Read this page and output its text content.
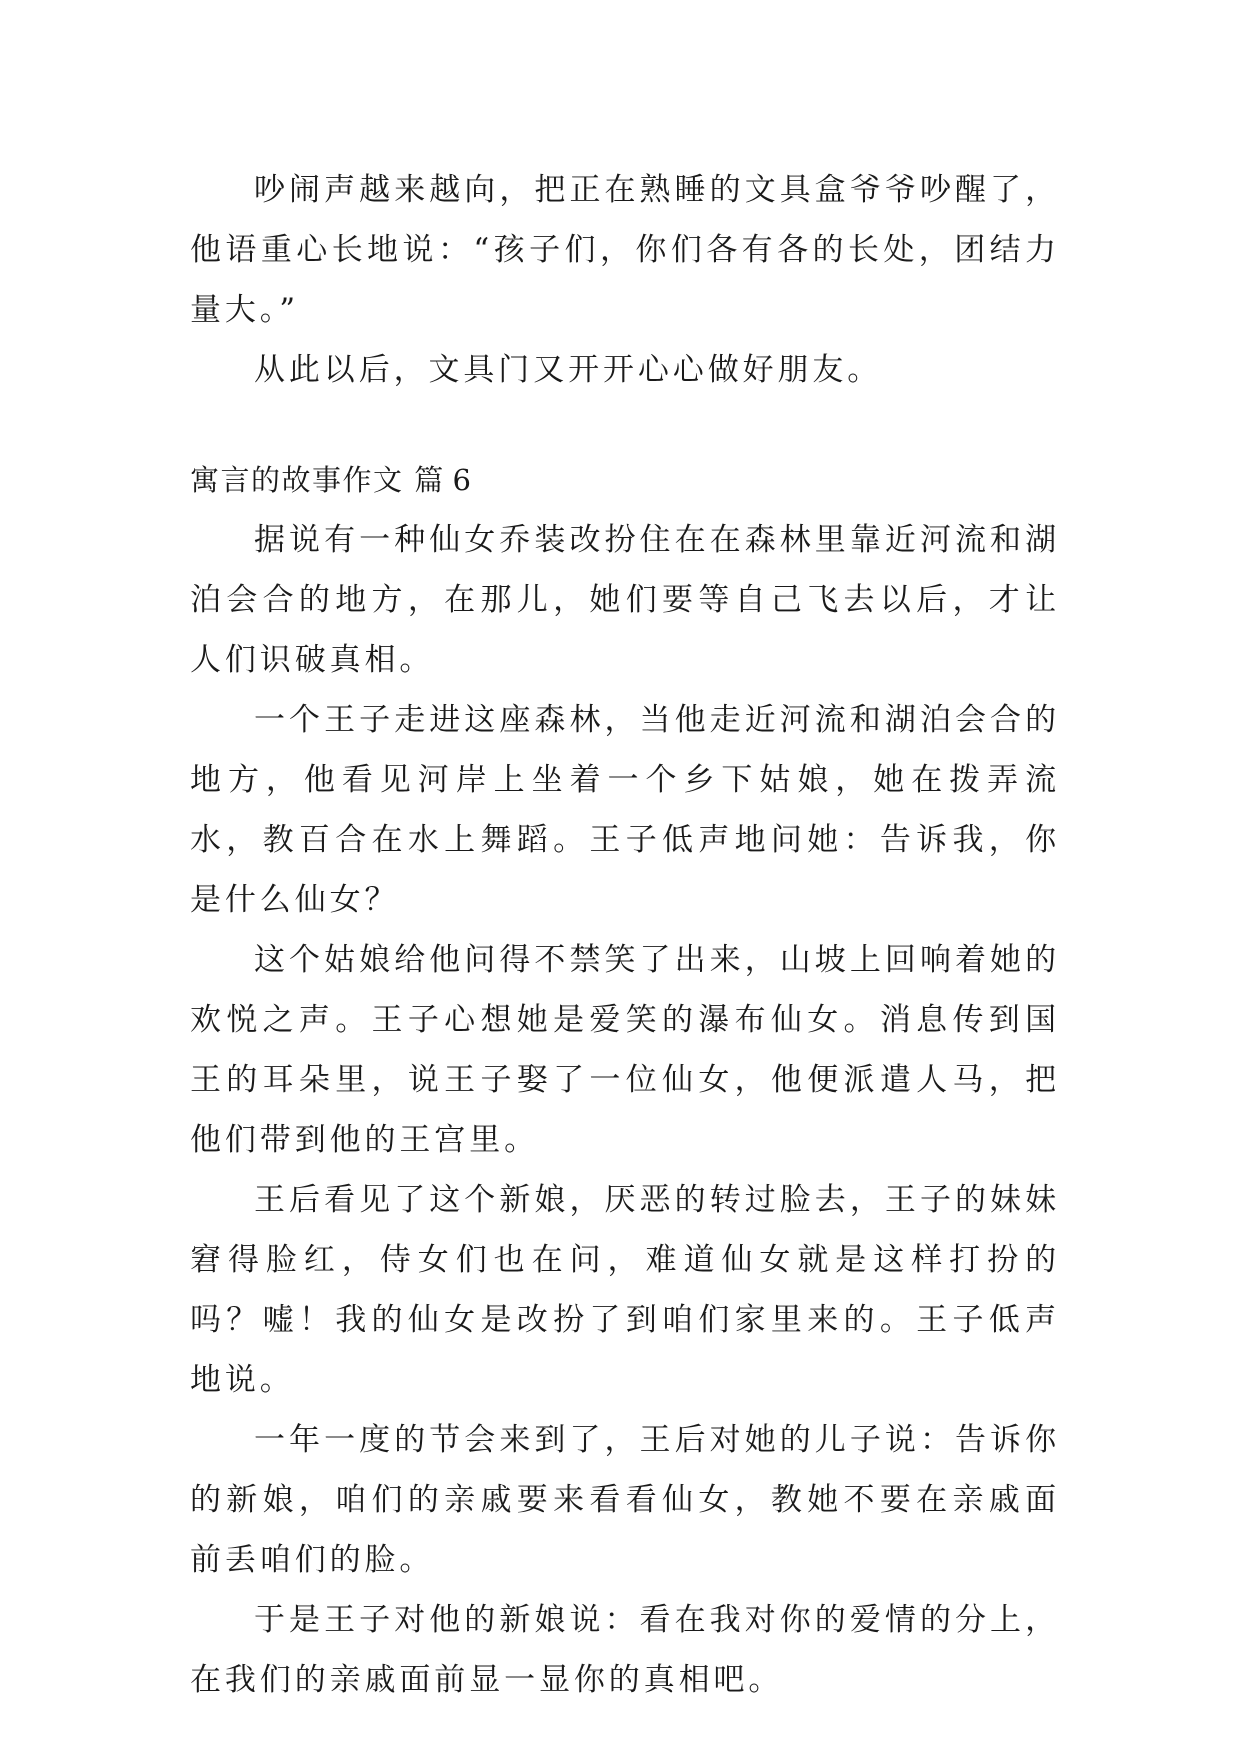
吵闹声越来越向，把正在熟睡的文具盒爷爷吵醒了，他语重心长地说：“孩子们，你们各有各的长处，团结力量大。”

从此以后，文具门又开开心心做好朋友。

寓言的故事作文 篇 6

据说有一种仙女乔装改扮住在在森林里靠近河流和湖泊会合的地方，在那儿，她们要等自己飞去以后，才让人们识破真相。

一个王子走进这座森林，当他走近河流和湖泊会合的地方，他看见河岸上坐着一个乡下姑娘，她在拨弄流水，教百合在水上舞蹈。王子低声地问她：告诉我，你是什么仙女？

这个姑娘给他问得不禁笑了出来，山坡上回响着她的欢悦之声。王子心想她是爱笑的瀑布仙女。消息传到国王的耳朵里，说王子娶了一位仙女，他便派遣人马，把他们带到他的王宫里。

王后看见了这个新娘，厌恶的转过脸去，王子的妹妹窘得脸红，侍女们也在问，难道仙女就是这样打扮的吗？嘘！我的仙女是改扮了到咱们家里来的。王子低声地说。

一年一度的节会来到了，王后对她的儿子说：告诉你的新娘，咱们的亲戚要来看看仙女，教她不要在亲戚面前丢咱们的脸。

于是王子对他的新娘说：看在我对你的爱情的分上，在我们的亲戚面前显一显你的真相吧。
